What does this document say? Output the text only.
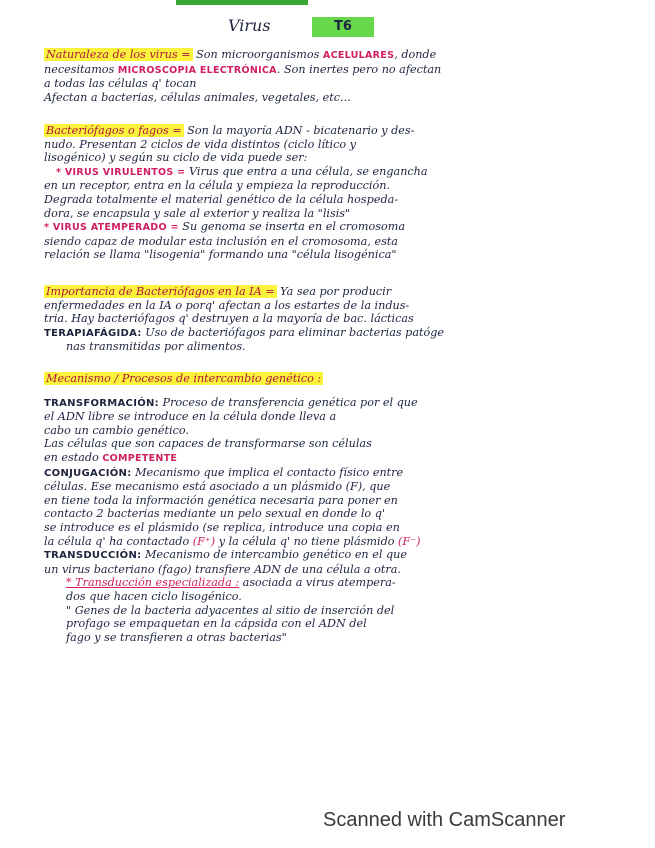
Virus	T6
Naturaleza de los virus = Son microorganismos ACELULARES, donde
necesitamos MICROSCOPIA ELECTRÓNICA. Son inertes pero no afectan
a todas las células q' tocan
Afectan a bacterias, células animales, vegetales, etc...
Bacteriófagos o fagos = Son la mayoría ADN - bicatenario y des-
nudo. Presentan 2 ciclos de vida distintos (ciclo lítico y
lisogénico) y según su ciclo de vida puede ser:
* VIRUS VIRULENTOS = Virus que entra a una célula, se engancha
en un receptor, entra en la célula y empieza la reproducción.
Degrada totalmente el material genético de la célula hospeda-
dora, se encapsula y sale al exterior y realiza la "lisis"
* VIRUS ATEMPERADO = Su genoma se inserta en el cromosoma
siendo capaz de modular esta inclusión en el cromosoma, esta
relación se llama "lisogenia" formando una "célula lisogénica"
Importancia de Bacteriófagos en la IA = Ya sea por producir
enfermedades en la IA o porq' afectan a los estartes de la indus-
tria. Hay bacteriófagos q' destruyen a la mayoría de bac. lácticas
TERAPIAFÁGIDA: Uso de bacteriófagos para eliminar bacterias patóge
nas transmitidas por alimentos.
Mecanismo / Procesos de intercambio genético :
TRANSFORMACIÓN: Proceso de transferencia genética por el que
el ADN libre se introduce en la célula donde lleva a
cabo un cambio genético.
Las células que son capaces de transformarse son células
en estado COMPETENTE
CONJUGACIÓN: Mecanismo que implica el contacto físico entre
células. Ese mecanismo está asociado a un plásmido (F), que
en tiene toda la información genética necesaria para poner en
contacto 2 bacterias mediante un pelo sexual en donde lo q'
se introduce es el plásmido (se replica, introduce una copia en
la célula q' ha contactado (F⁺) y la célula q' no tiene plásmido (F⁻)
TRANSDUCCIÓN: Mecanismo de intercambio genético en el que
un virus bacteriano (fago) transfiere ADN de una célula a otra.
* Transducción especializada : asociada a virus atempera-
dos que hacen ciclo lisogénico.
" Genes de la bacteria adyacentes al sitio de inserción del
profago se empaquetan en la cápsida con el ADN del
fago y se transfieren a otras bacterias"
Scanned with CamScanner
